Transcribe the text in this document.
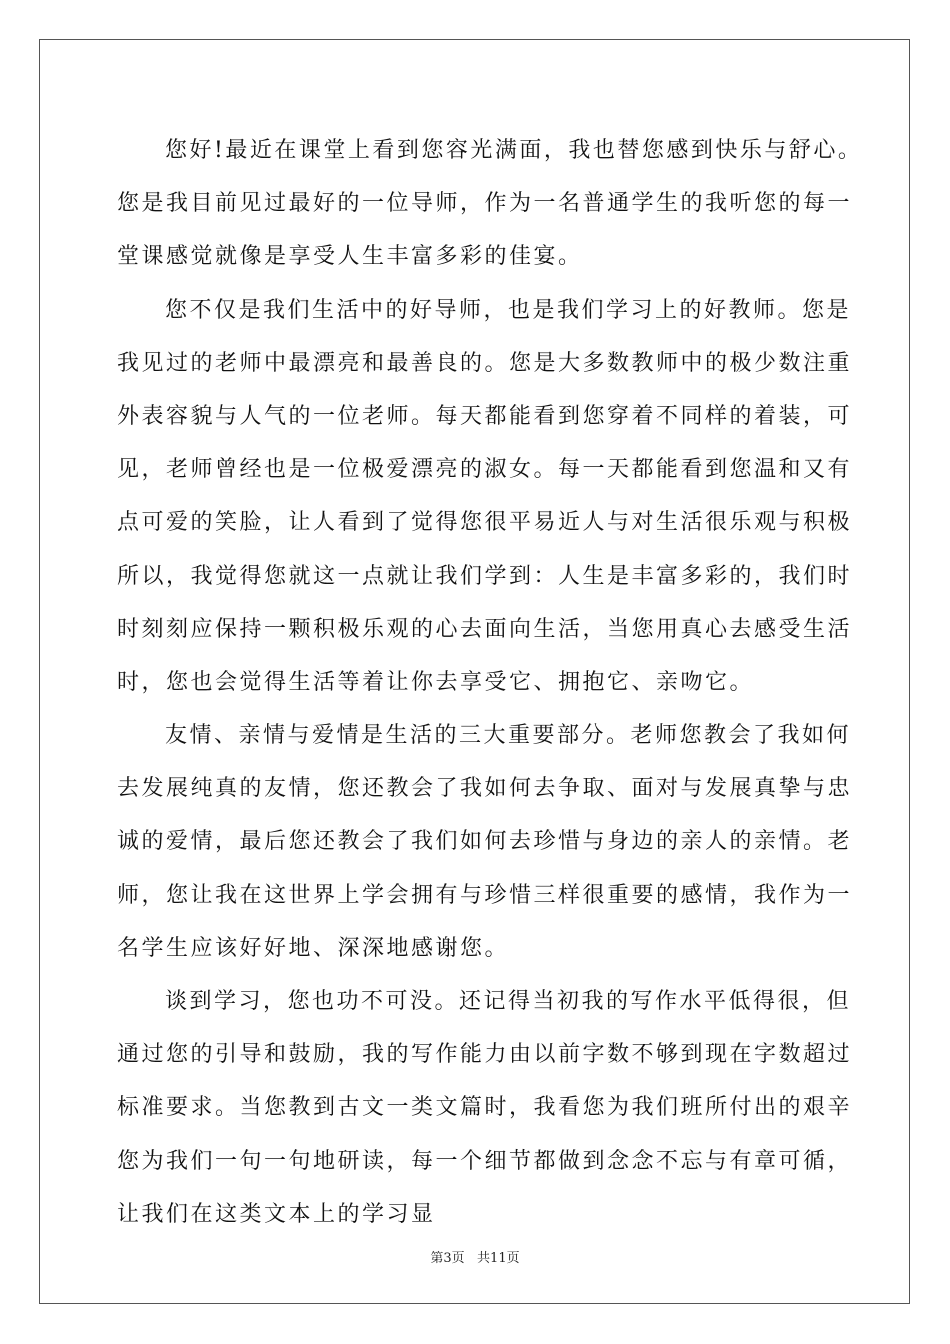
您好!最近在课堂上看到您容光满面，我也替您感到快乐与舒心。
您是我目前见过最好的一位导师，作为一名普通学生的我听您的每一
堂课感觉就像是享受人生丰富多彩的佳宴。
您不仅是我们生活中的好导师，也是我们学习上的好教师。您是
我见过的老师中最漂亮和最善良的。您是大多数教师中的极少数注重
外表容貌与人气的一位老师。每天都能看到您穿着不同样的着装，可
见，老师曾经也是一位极爱漂亮的淑女。每一天都能看到您温和又有
点可爱的笑脸，让人看到了觉得您很平易近人与对生活很乐观与积极
所以，我觉得您就这一点就让我们学到：人生是丰富多彩的，我们时
时刻刻应保持一颗积极乐观的心去面向生活，当您用真心去感受生活
时，您也会觉得生活等着让你去享受它、拥抱它、亲吻它。
友情、亲情与爱情是生活的三大重要部分。老师您教会了我如何
去发展纯真的友情，您还教会了我如何去争取、面对与发展真挚与忠
诚的爱情，最后您还教会了我们如何去珍惜与身边的亲人的亲情。老
师，您让我在这世界上学会拥有与珍惜三样很重要的感情，我作为一
名学生应该好好地、深深地感谢您。
谈到学习，您也功不可没。还记得当初我的写作水平低得很，但
通过您的引导和鼓励，我的写作能力由以前字数不够到现在字数超过
标准要求。当您教到古文一类文篇时，我看您为我们班所付出的艰辛
您为我们一句一句地研读，每一个细节都做到念念不忘与有章可循，
让我们在这类文本上的学习显
第3页   共11页
